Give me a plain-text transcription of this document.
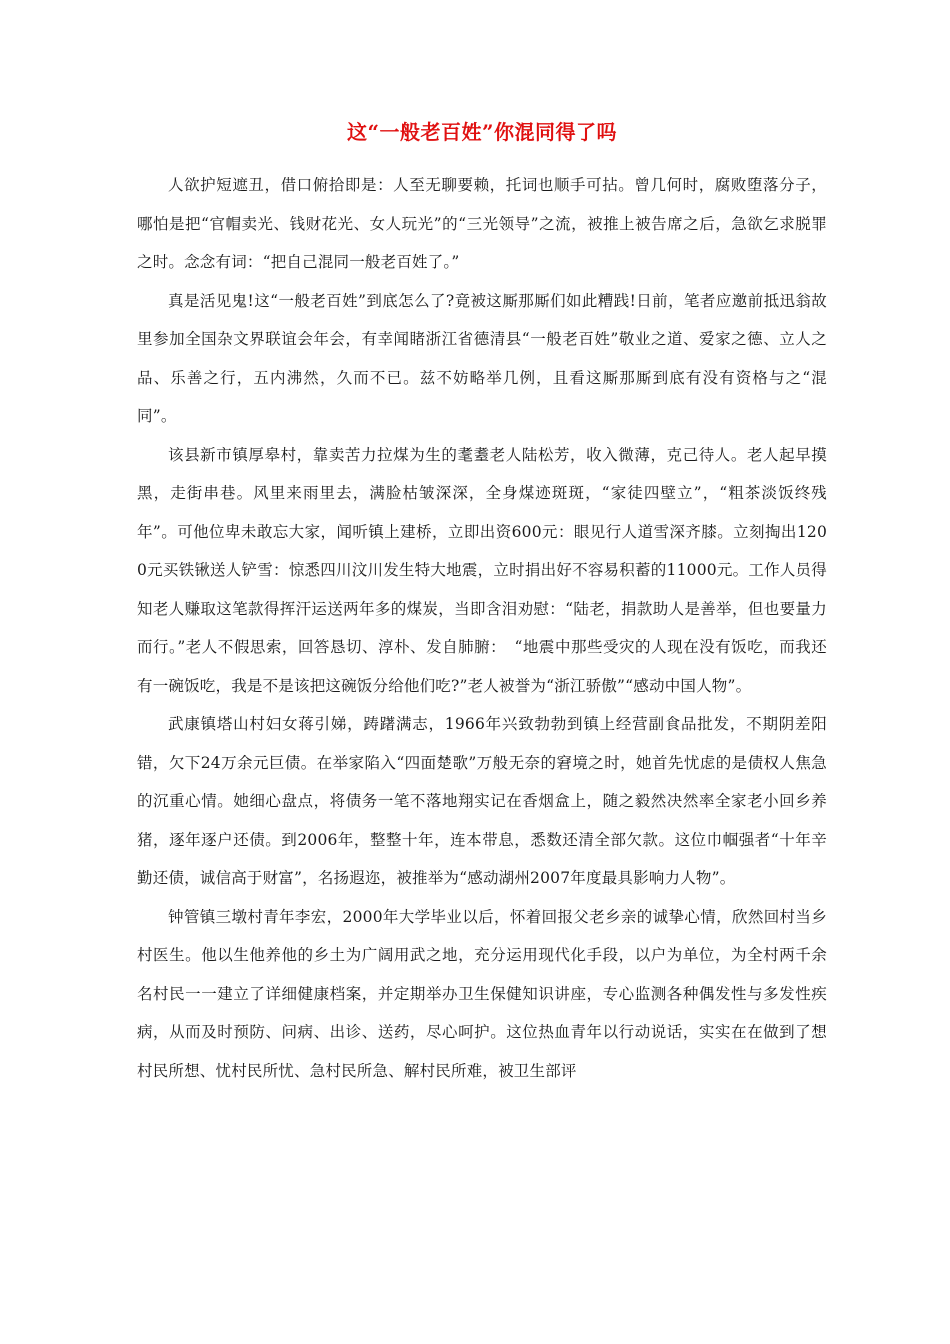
这“一般老百姓”你混同得了吗

人欲护短遮丑，借口俯拾即是：人至无聊要赖，托词也顺手可拈。曾几何时，腐败堕落分子，哪怕是把“官帽卖光、钱财花光、女人玩光”的“三光领导”之流，被推上被告席之后，急欲乞求脱罪之时。念念有词：“把自己混同一般老百姓了。”

真是活见鬼!这“一般老百姓”到底怎么了?竟被这厮那厮们如此糟践!日前，笔者应邀前抵迅翁故里参加全国杂文界联谊会年会，有幸闻睹浙江省德清县“一般老百姓”敬业之道、爱家之德、立人之品、乐善之行，五内沸然，久而不已。兹不妨略举几例，且看这厮那厮到底有没有资格与之“混同”。

该县新市镇厚皋村，靠卖苦力拉煤为生的耄耋老人陆松芳，收入微薄，克己待人。老人起早摸黑，走街串巷。风里来雨里去，满脸枯皱深深，全身煤迹斑斑，“家徒四壁立”，“粗茶淡饭终残年”。可他位卑未敢忘大家，闻听镇上建桥，立即出资600元：眼见行人道雪深齐膝。立刻掏出1200元买铁锹送人铲雪：惊悉四川汶川发生特大地震，立时捐出好不容易积蓄的11000元。工作人员得知老人赚取这笔款得挥汗运送两年多的煤炭，当即含泪劝慰：“陆老，捐款助人是善举，但也要量力而行。”老人不假思索，回答恳切、淳朴、发自肺腑：　“地震中那些受灾的人现在没有饭吃，而我还有一碗饭吃，我是不是该把这碗饭分给他们吃?”老人被誉为“浙江骄傲”“感动中国人物”。

武康镇塔山村妇女蒋引娣，踌躇满志，1966年兴致勃勃到镇上经营副食品批发，不期阴差阳错，欠下24万余元巨债。在举家陷入“四面楚歌”万般无奈的窘境之时，她首先忧虑的是债权人焦急的沉重心情。她细心盘点，将债务一笔不落地翔实记在香烟盒上，随之毅然决然率全家老小回乡养猪，逐年逐户还债。到2006年，整整十年，连本带息，悉数还清全部欠款。这位巾帼强者“十年辛勤还债，诚信高于财富”，名扬遐迩，被推举为“感动湖州2007年度最具影响力人物”。

钟管镇三墩村青年李宏，2000年大学毕业以后，怀着回报父老乡亲的诚挚心情，欣然回村当乡村医生。他以生他养他的乡土为广阔用武之地，充分运用现代化手段，以户为单位，为全村两千余名村民一一建立了详细健康档案，并定期举办卫生保健知识讲座，专心监测各种偶发性与多发性疾病，从而及时预防、问病、出诊、送药，尽心呵护。这位热血青年以行动说话，实实在在做到了想村民所想、忧村民所忧、急村民所急、解村民所难，被卫生部评
